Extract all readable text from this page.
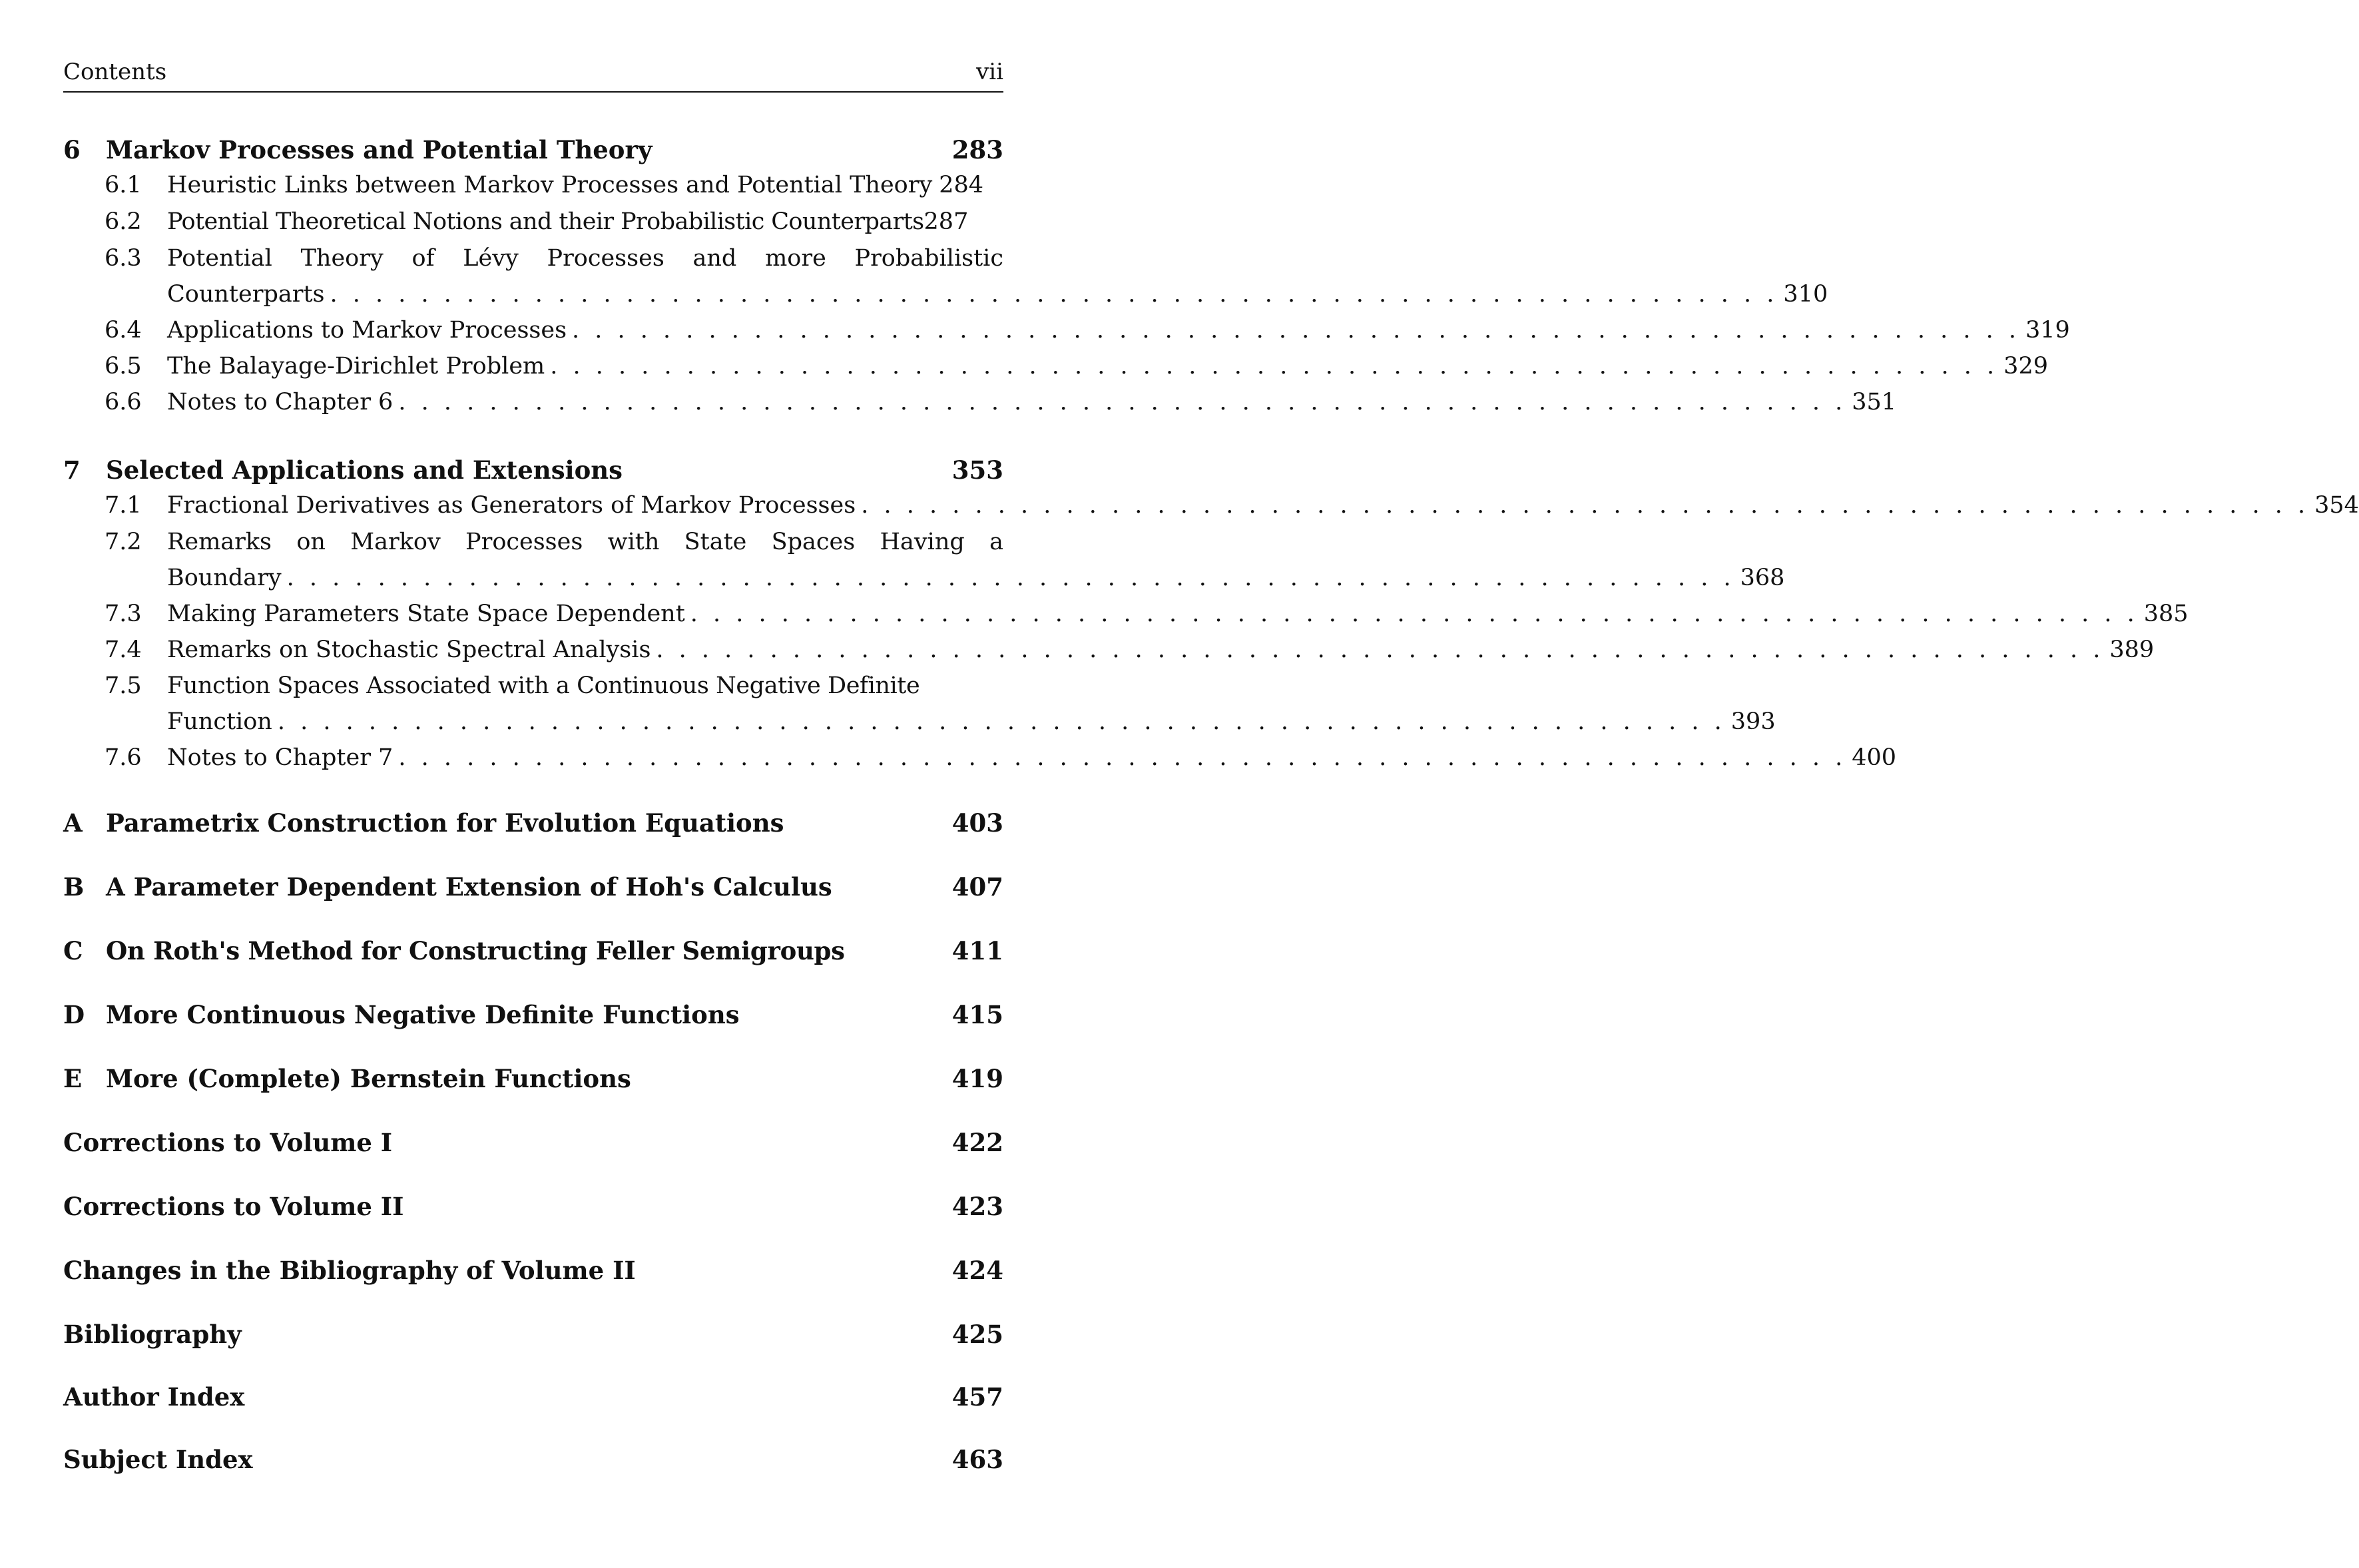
Contents	vii
6	Markov Processes and Potential Theory	283
6.1	Heuristic Links between Markov Processes and Potential Theory 284
6.2	Potential Theoretical Notions and their Probabilistic Counterparts 287
6.3	Potential Theory of Lévy Processes and more Probabilistic
Counterparts . . . . . . . . . . . . . . . . . . . . . . . . . . . . . . . . . . . . . . . . . . . . . . . . . . . . . . . . . . . . . . . . 310
6.4	Applications to Markov Processes . . . . . . . . . . . . . . . . . . . . . . . . . . . . . . . . . . . . . . . . . . . . . . . . . . . . . . . . . . . . . . . . 319
6.5	The Balayage-Dirichlet Problem . . . . . . . . . . . . . . . . . . . . . . . . . . . . . . . . . . . . . . . . . . . . . . . . . . . . . . . . . . . . . . . . 329
6.6	Notes to Chapter 6 . . . . . . . . . . . . . . . . . . . . . . . . . . . . . . . . . . . . . . . . . . . . . . . . . . . . . . . . . . . . . . . . 351
7	Selected Applications and Extensions	353
7.1	Fractional Derivatives as Generators of Markov Processes . . . . . . . . . . . . . . . . . . . . . . . . . . . . . . . . . . . . . . . . . . . . . . . . . . . . . . . . . . . . . . . . 354
7.2	Remarks on Markov Processes with State Spaces Having a
Boundary . . . . . . . . . . . . . . . . . . . . . . . . . . . . . . . . . . . . . . . . . . . . . . . . . . . . . . . . . . . . . . . . 368
7.3	Making Parameters State Space Dependent . . . . . . . . . . . . . . . . . . . . . . . . . . . . . . . . . . . . . . . . . . . . . . . . . . . . . . . . . . . . . . . . 385
7.4	Remarks on Stochastic Spectral Analysis . . . . . . . . . . . . . . . . . . . . . . . . . . . . . . . . . . . . . . . . . . . . . . . . . . . . . . . . . . . . . . . . 389
7.5	Function Spaces Associated with a Continuous Negative Definite
Function . . . . . . . . . . . . . . . . . . . . . . . . . . . . . . . . . . . . . . . . . . . . . . . . . . . . . . . . . . . . . . . . 393
7.6	Notes to Chapter 7 . . . . . . . . . . . . . . . . . . . . . . . . . . . . . . . . . . . . . . . . . . . . . . . . . . . . . . . . . . . . . . . . 400
A Parametrix Construction for Evolution Equations	403
B A Parameter Dependent Extension of Hoh's Calculus	407
C On Roth's Method for Constructing Feller Semigroups	411
D More Continuous Negative Definite Functions	415
E More (Complete) Bernstein Functions	419
Corrections to Volume I	422
Corrections to Volume II	423
Changes in the Bibliography of Volume II	424
Bibliography	425
Author Index	457
Subject Index	463
